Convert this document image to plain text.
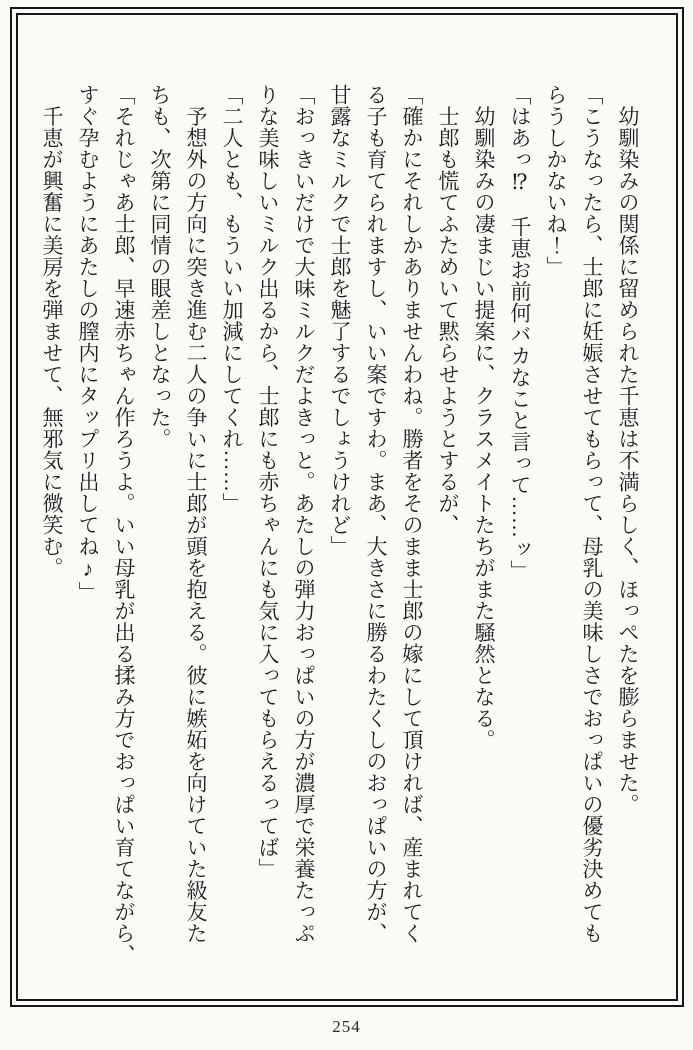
　幼馴染みの関係に留められた千恵は不満らしく、ほっぺたを膨らませた。
「こうなったら、士郎に妊娠させてもらって、母乳の美味しさでおっぱいの優劣決めても
らうしかないね！」
「はあっ⁉　千恵お前何バカなこと言って……ッ」
　幼馴染みの凄まじい提案に、クラスメイトたちがまた騒然となる。
　士郎も慌てふためいて黙らせようとするが、
「確かにそれしかありませんわね。勝者をそのまま士郎の嫁にして頂ければ、産まれてく
る子も育てられますし、いい案ですわ。まあ、大きさに勝るわたくしのおっぱいの方が、
甘露なミルクで士郎を魅了するでしょうけれど」
「おっきいだけで大味ミルクだよきっと。あたしの弾力おっぱいの方が濃厚で栄養たっぷ
りな美味しいミルク出るから、士郎にも赤ちゃんにも気に入ってもらえるってば」
「二人とも、もういい加減にしてくれ……」
　予想外の方向に突き進む二人の争いに士郎が頭を抱える。彼に嫉妬を向けていた級友た
ちも、次第に同情の眼差しとなった。
「それじゃあ士郎、早速赤ちゃん作ろうよ。いい母乳が出る揉み方でおっぱい育てながら、
すぐ孕むようにあたしの膣内にタップリ出してね♪」
　千恵が興奮に美房を弾ませて、無邪気に微笑む。
254
